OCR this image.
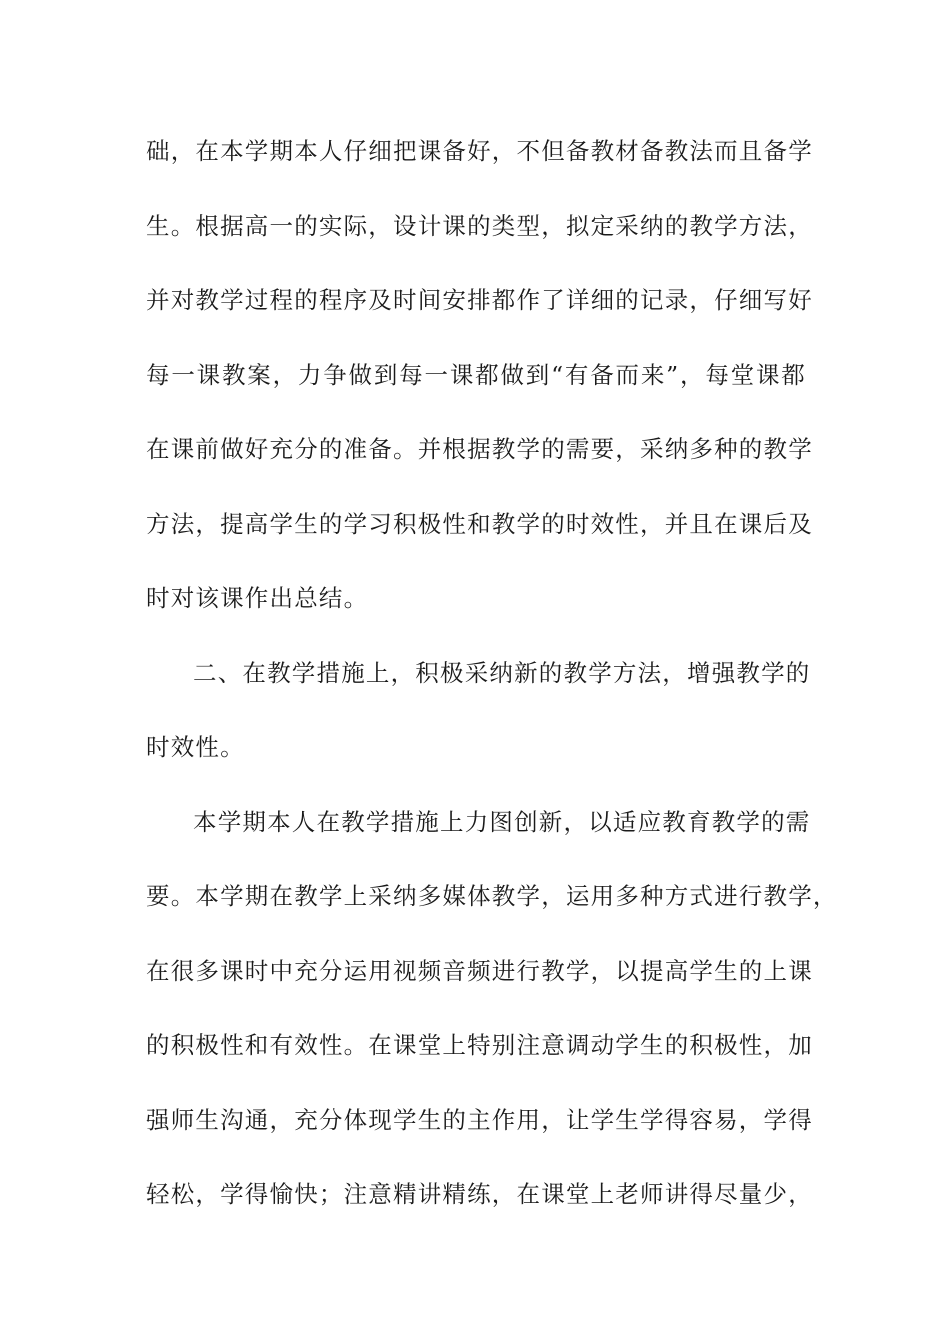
础，在本学期本人仔细把课备好，不但备教材备教法而且备学
生。根据高一的实际，设计课的类型，拟定采纳的教学方法，
并对教学过程的程序及时间安排都作了详细的记录，仔细写好
每一课教案，力争做到每一课都做到“有备而来”，每堂课都
在课前做好充分的准备。并根据教学的需要，采纳多种的教学
方法，提高学生的学习积极性和教学的时效性，并且在课后及
时对该课作出总结。
二、在教学措施上，积极采纳新的教学方法，增强教学的
时效性。
本学期本人在教学措施上力图创新，以适应教育教学的需
要。本学期在教学上采纳多媒体教学，运用多种方式进行教学，
在很多课时中充分运用视频音频进行教学，以提高学生的上课
的积极性和有效性。在课堂上特别注意调动学生的积极性，加
强师生沟通，充分体现学生的主作用，让学生学得容易，学得
轻松，学得愉快；注意精讲精练，在课堂上老师讲得尽量少，
